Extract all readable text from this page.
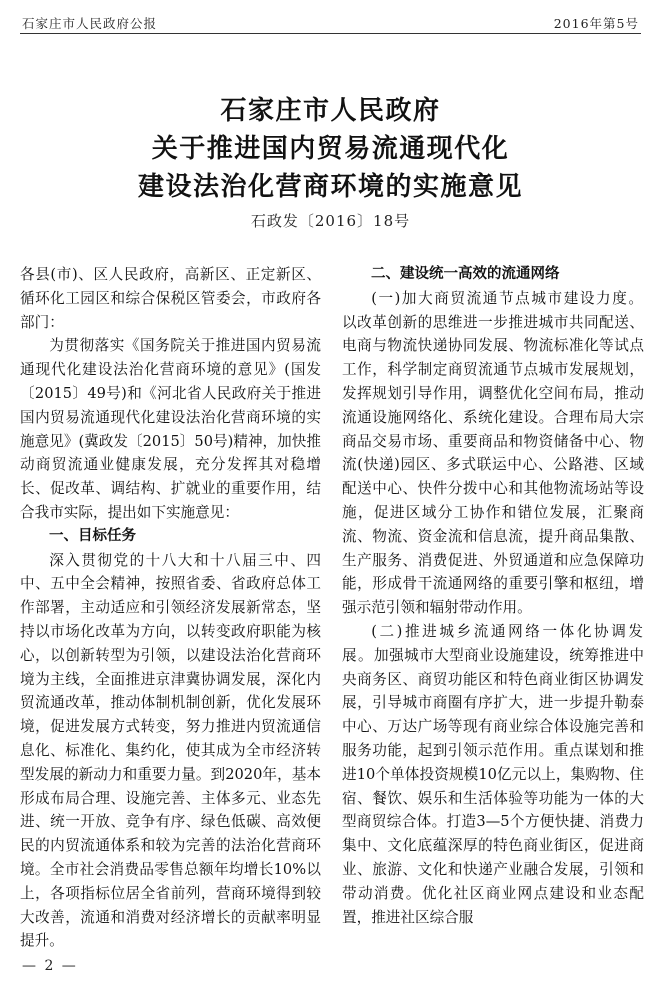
石家庄市人民政府公报	2016年第5号
石家庄市人民政府
关于推进国内贸易流通现代化
建设法治化营商环境的实施意见
石政发〔2016〕18号

各县(市)、区人民政府，高新区、正定新区、循环化工园区和综合保税区管委会，市政府各部门：

为贯彻落实《国务院关于推进国内贸易流通现代化建设法治化营商环境的意见》(国发〔2015〕49号)和《河北省人民政府关于推进国内贸易流通现代化建设法治化营商环境的实施意见》(冀政发〔2015〕50号)精神，加快推动商贸流通业健康发展，充分发挥其对稳增长、促改革、调结构、扩就业的重要作用，结合我市实际，提出如下实施意见：

一、目标任务

深入贯彻党的十八大和十八届三中、四中、五中全会精神，按照省委、省政府总体工作部署，主动适应和引领经济发展新常态，坚持以市场化改革为方向，以转变政府职能为核心，以创新转型为引领，以建设法治化营商环境为主线，全面推进京津冀协调发展，深化内贸流通改革，推动体制机制创新，优化发展环境，促进发展方式转变，努力推进内贸流通信息化、标准化、集约化，使其成为全市经济转型发展的新动力和重要力量。到2020年，基本形成布局合理、设施完善、主体多元、业态先进、统一开放、竞争有序、绿色低碳、高效便民的内贸流通体系和较为完善的法治化营商环境。全市社会消费品零售总额年均增长10%以上，各项指标位居全省前列，营商环境得到较大改善，流通和消费对经济增长的贡献率明显提升。

二、建设统一高效的流通网络

(一)加大商贸流通节点城市建设力度。以改革创新的思维进一步推进城市共同配送、电商与物流快递协同发展、物流标准化等试点工作，科学制定商贸流通节点城市发展规划，发挥规划引导作用，调整优化空间布局，推动流通设施网络化、系统化建设。合理布局大宗商品交易市场、重要商品和物资储备中心、物流(快递)园区、多式联运中心、公路港、区域配送中心、快件分拨中心和其他物流场站等设施，促进区域分工协作和错位发展，汇聚商流、物流、资金流和信息流，提升商品集散、生产服务、消费促进、外贸通道和应急保障功能，形成骨干流通网络的重要引擎和枢纽，增强示范引领和辐射带动作用。

(二)推进城乡流通网络一体化协调发展。加强城市大型商业设施建设，统筹推进中央商务区、商贸功能区和特色商业街区协调发展，引导城市商圈有序扩大，进一步提升勒泰中心、万达广场等现有商业综合体设施完善和服务功能，起到引领示范作用。重点谋划和推进10个单体投资规模10亿元以上，集购物、住宿、餐饮、娱乐和生活体验等功能为一体的大型商贸综合体。打造3—5个方便快捷、消费力集中、文化底蕴深厚的特色商业街区，促进商业、旅游、文化和快递产业融合发展，引领和带动消费。优化社区商业网点建设和业态配置，推进社区综合服

— 2 —
